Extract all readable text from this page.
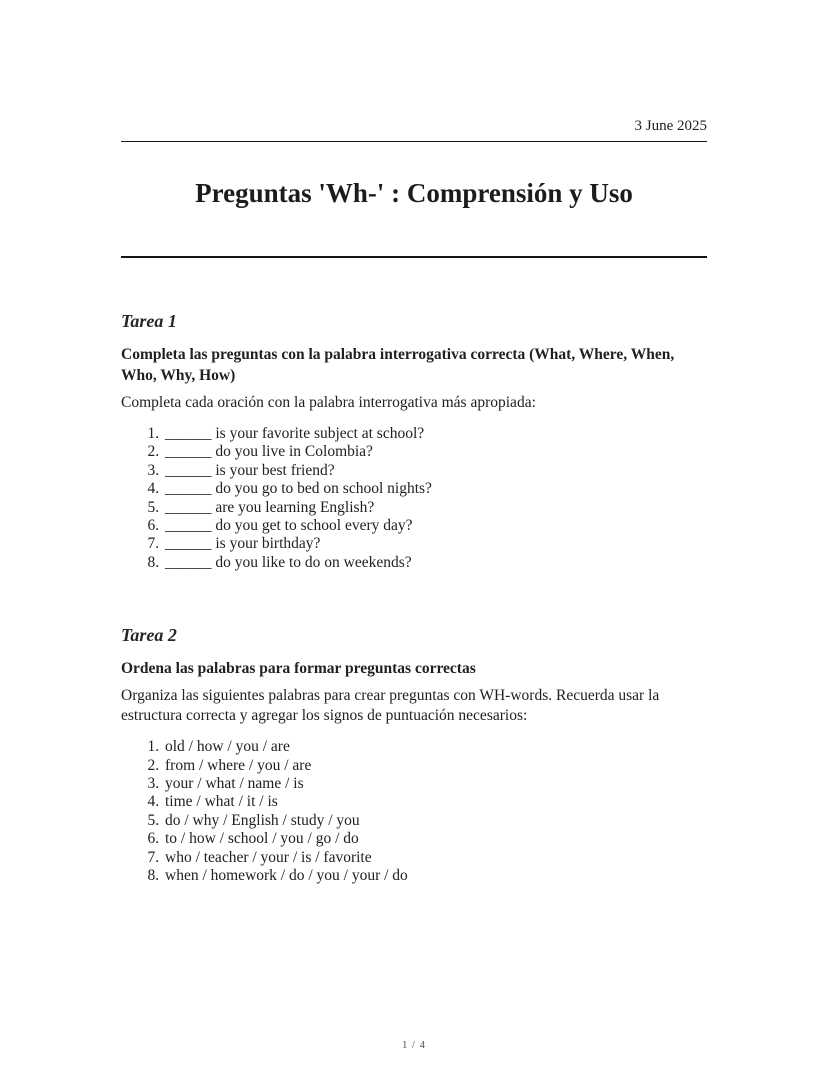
3 June 2025
Preguntas 'Wh-' : Comprensión y Uso
Tarea 1

Completa las preguntas con la palabra interrogativa correcta (What, Where, When, Who, Why, How)

Completa cada oración con la palabra interrogativa más apropiada:

1. ______ is your favorite subject at school?
2. ______ do you live in Colombia?
3. ______ is your best friend?
4. ______ do you go to bed on school nights?
5. ______ are you learning English?
6. ______ do you get to school every day?
7. ______ is your birthday?
8. ______ do you like to do on weekends?
Tarea 2

Ordena las palabras para formar preguntas correctas

Organiza las siguientes palabras para crear preguntas con WH-words. Recuerda usar la estructura correcta y agregar los signos de puntuación necesarios:

1. old / how / you / are
2. from / where / you / are
3. your / what / name / is
4. time / what / it / is
5. do / why / English / study / you
6. to / how / school / you / go / do
7. who / teacher / your / is / favorite
8. when / homework / do / you / your / do
1 / 4
